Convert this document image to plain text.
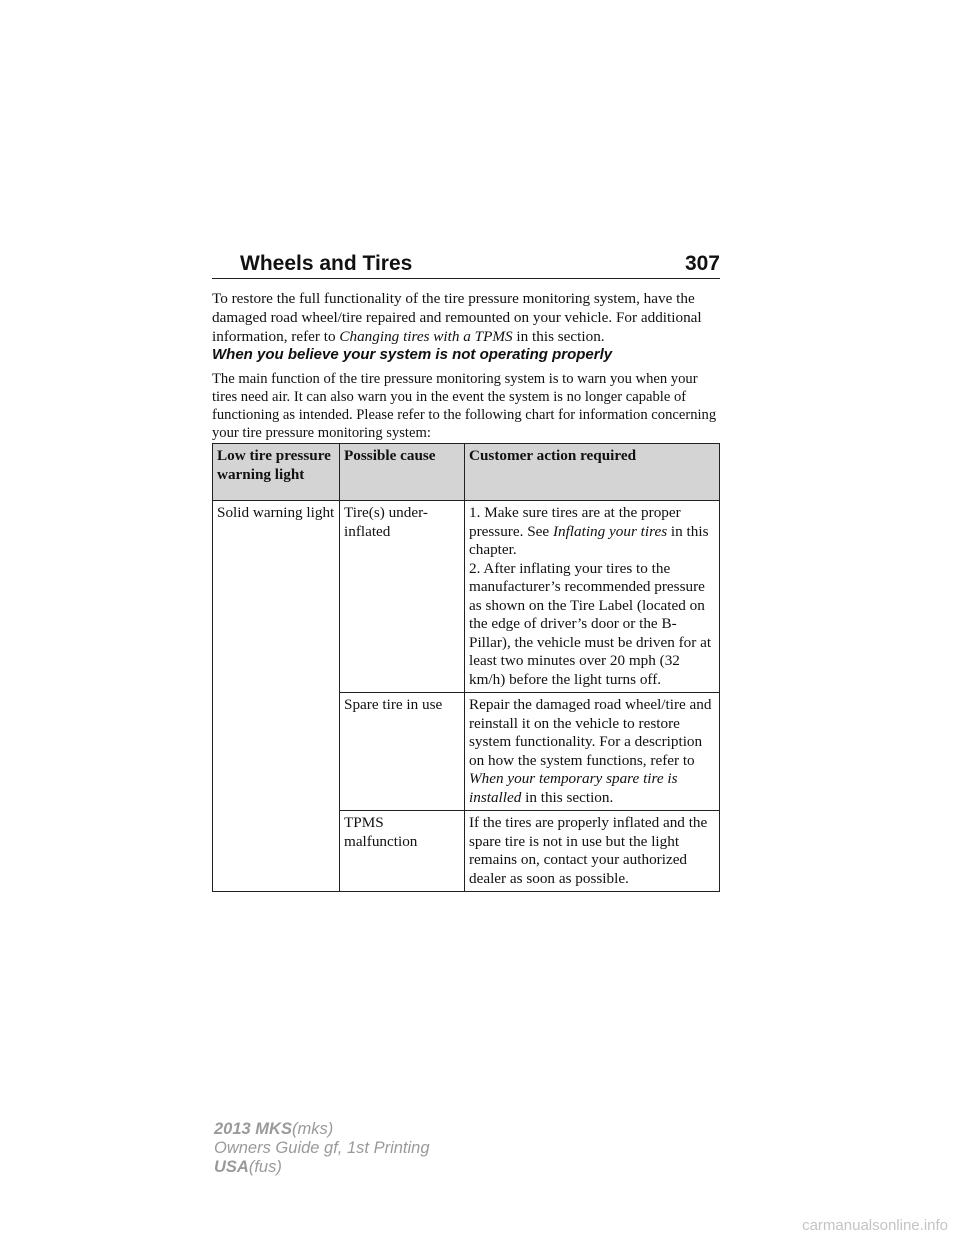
Wheels and Tires	307

To restore the full functionality of the tire pressure monitoring system, have the damaged road wheel/tire repaired and remounted on your vehicle. For additional information, refer to Changing tires with a TPMS in this section.

When you believe your system is not operating properly

The main function of the tire pressure monitoring system is to warn you when your tires need air. It can also warn you in the event the system is no longer capable of functioning as intended. Please refer to the following chart for information concerning your tire pressure monitoring system:

Low tire pressure warning light	Possible cause	Customer action required
Solid warning light	Tire(s) under-inflated	1. Make sure tires are at the proper pressure. See Inflating your tires in this chapter.
2. After inflating your tires to the manufacturer’s recommended pressure as shown on the Tire Label (located on the edge of driver’s door or the B-Pillar), the vehicle must be driven for at least two minutes over 20 mph (32 km/h) before the light turns off.

	Spare tire in use	Repair the damaged road wheel/tire and reinstall it on the vehicle to restore system functionality. For a description on how the system functions, refer to When your temporary spare tire is installed in this section.
	TPMS malfunction	If the tires are properly inflated and the spare tire is not in use but the light remains on, contact your authorized dealer as soon as possible.
2013 MKS(mks)
Owners Guide gf, 1st Printing
USA(fus)
carmanualsonline.info
